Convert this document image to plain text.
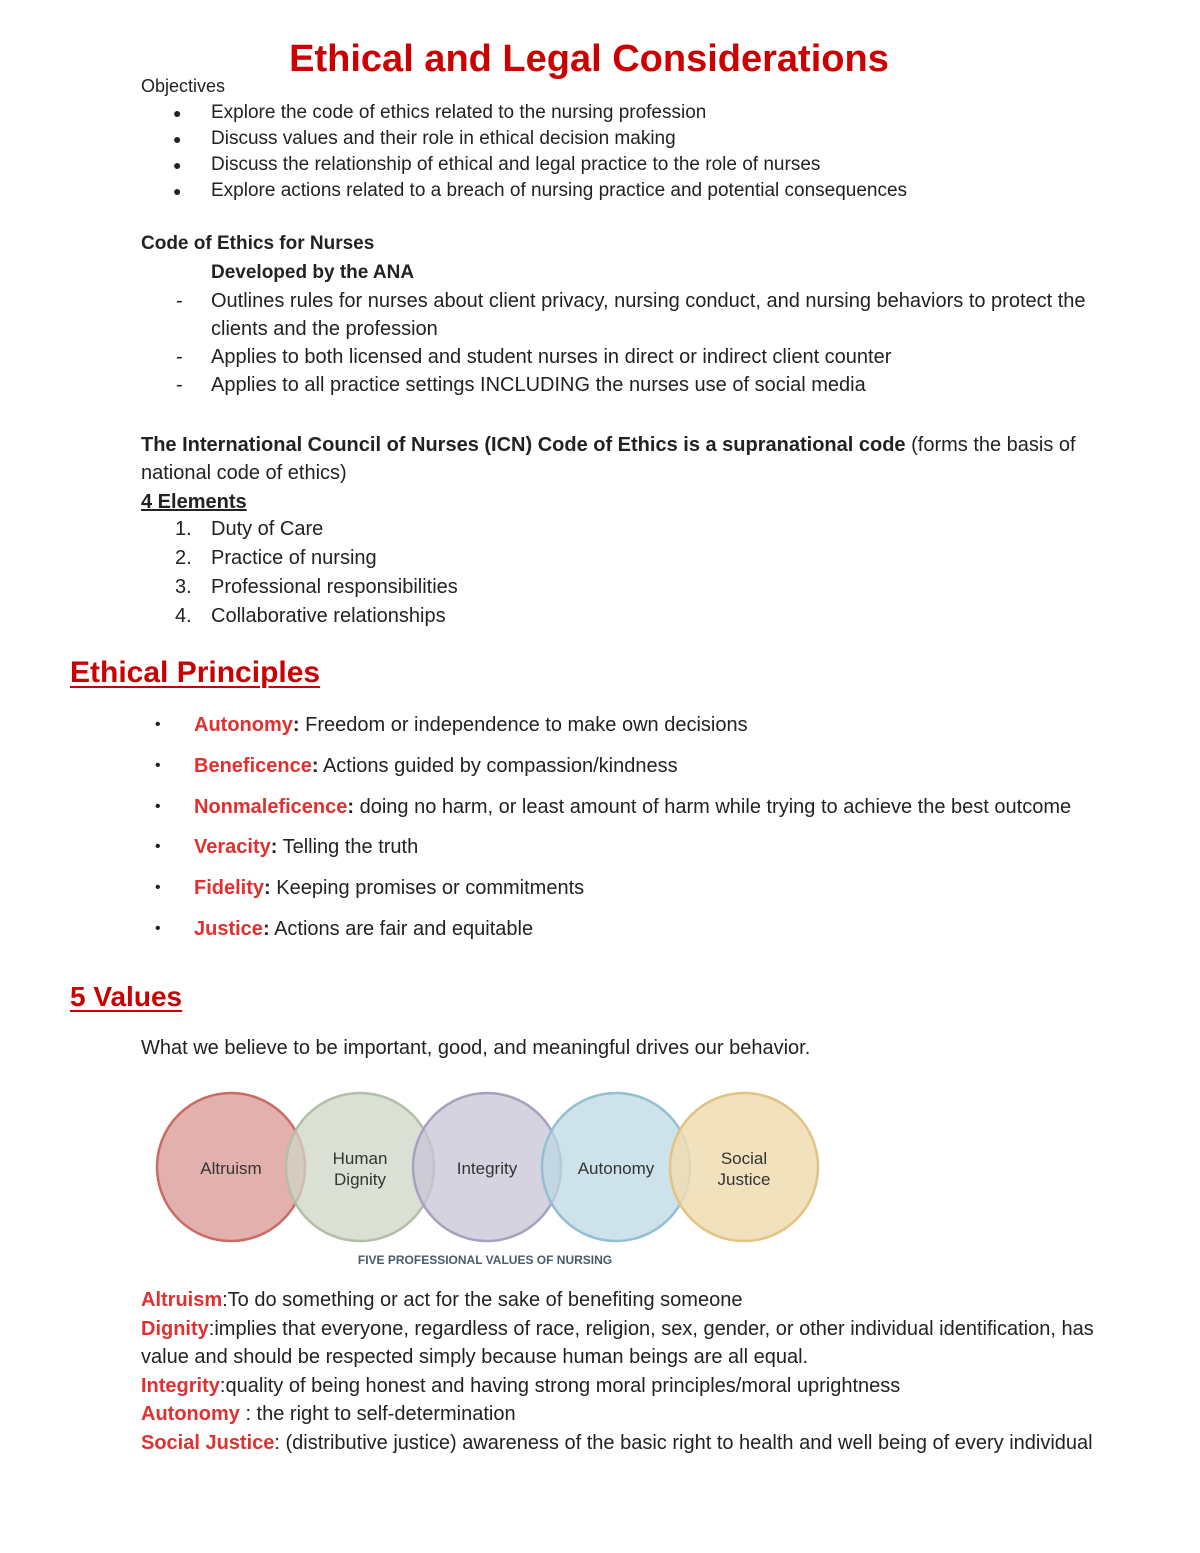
Ethical and Legal Considerations
Objectives
● Explore the code of ethics related to the nursing profession
● Discuss values and their role in ethical decision making
● Discuss the relationship of ethical and legal practice to the role of nurses
● Explore actions related to a breach of nursing practice and potential consequences
Code of Ethics for Nurses
Developed by the ANA
- Outlines rules for nurses about client privacy, nursing conduct, and nursing behaviors to protect the clients and the profession
- Applies to both licensed and student nurses in direct or indirect client counter
- Applies to all practice settings INCLUDING the nurses use of social media
The International Council of Nurses (ICN) Code of Ethics is a supranational code (forms the basis of national code of ethics)
4 Elements
1. Duty of Care
2. Practice of nursing
3. Professional responsibilities
4. Collaborative relationships
Ethical Principles
• Autonomy: Freedom or independence to make own decisions
• Beneficence: Actions guided by compassion/kindness
• Nonmaleficence: doing no harm, or least amount of harm while trying to achieve the best outcome
• Veracity: Telling the truth
• Fidelity: Keeping promises or commitments
• Justice: Actions are fair and equitable
5 Values
What we believe to be important, good, and meaningful drives our behavior.
Altruism
Human Dignity
Integrity	Autonomy
Social Justice
FIVE PROFESSIONAL VALUES OF NURSING

Altruism:To do something or act for the sake of benefiting someone

Dignity:implies that everyone, regardless of race, religion, sex, gender, or other individual identification, has value and should be respected simply because human beings are all equal.

Integrity:quality of being honest and having strong moral principles/moral uprightness

Autonomy : the right to self-determination

Social Justice: (distributive justice) awareness of the basic right to health and well being of every individual
